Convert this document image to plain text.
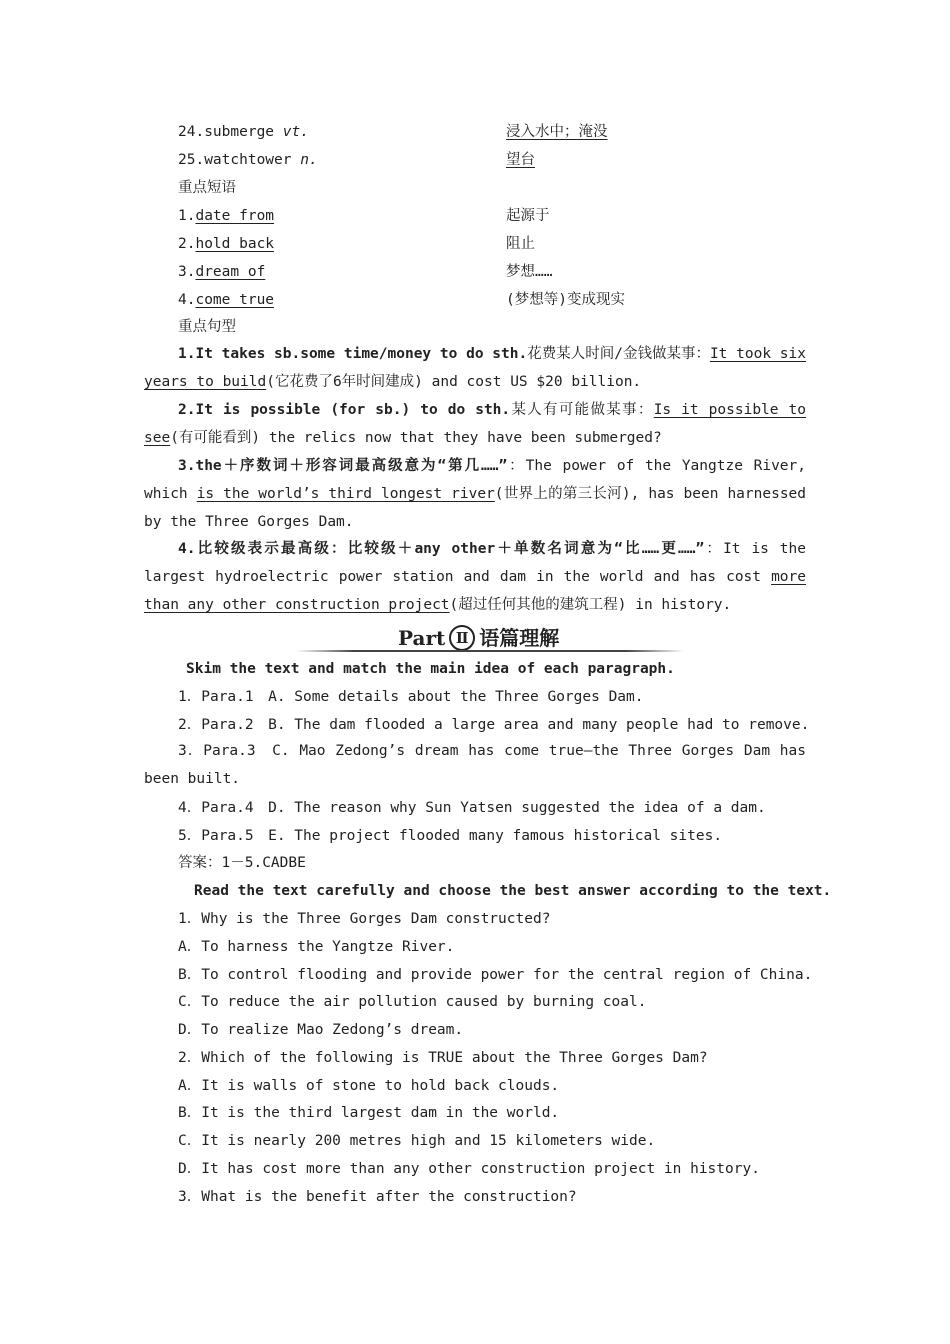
24.submerge vt.	浸入水中；淹没
25.watchtower n.	望台
重点短语
1.date from	起源于
2.hold back	阻止
3.dream of	梦想……
4.come true	(梦想等)变成现实
重点句型
1.It takes sb.some time/money to do sth.花费某人时间/金钱做某事：It took six years to build(它花费了6年时间建成) and cost US $20 billion.
2.It is possible (for sb.) to do sth.某人有可能做某事：Is it possible to see(有可能看到) the relics now that they have been submerged?
3.the＋序数词＋形容词最高级意为“第几……”：The power of the Yangtze River, which is the world’s third longest river(世界上的第三长河), has been harnessed by the Three Gorges Dam.
4.比较级表示最高级：比较级＋any other＋单数名词意为“比……更……”：It is the largest hydroelectric power station and dam in the world and has cost more than any other construction project(超过任何其他的建筑工程) in history.
Part Ⅱ 语篇理解
Skim the text and match the main idea of each paragraph.
1．Para.1　A. Some details about the Three Gorges Dam.
2．Para.2　B. The dam flooded a large area and many people had to remove.
3．Para.3　C. Mao Zedong’s dream has come true—the Three Gorges Dam has been built.
4．Para.4　D. The reason why Sun Yatsen suggested the idea of a dam.
5．Para.5　E. The project flooded many famous historical sites.
答案：1－5.CADBE
Read the text carefully and choose the best answer according to the text.
1．Why is the Three Gorges Dam constructed?
A．To harness the Yangtze River.
B．To control flooding and provide power for the central region of China.
C．To reduce the air pollution caused by burning coal.
D．To realize Mao Zedong’s dream.
2．Which of the following is TRUE about the Three Gorges Dam?
A．It is walls of stone to hold back clouds.
B．It is the third largest dam in the world.
C．It is nearly 200 metres high and 15 kilometers wide.
D．It has cost more than any other construction project in history.
3．What is the benefit after the construction?
